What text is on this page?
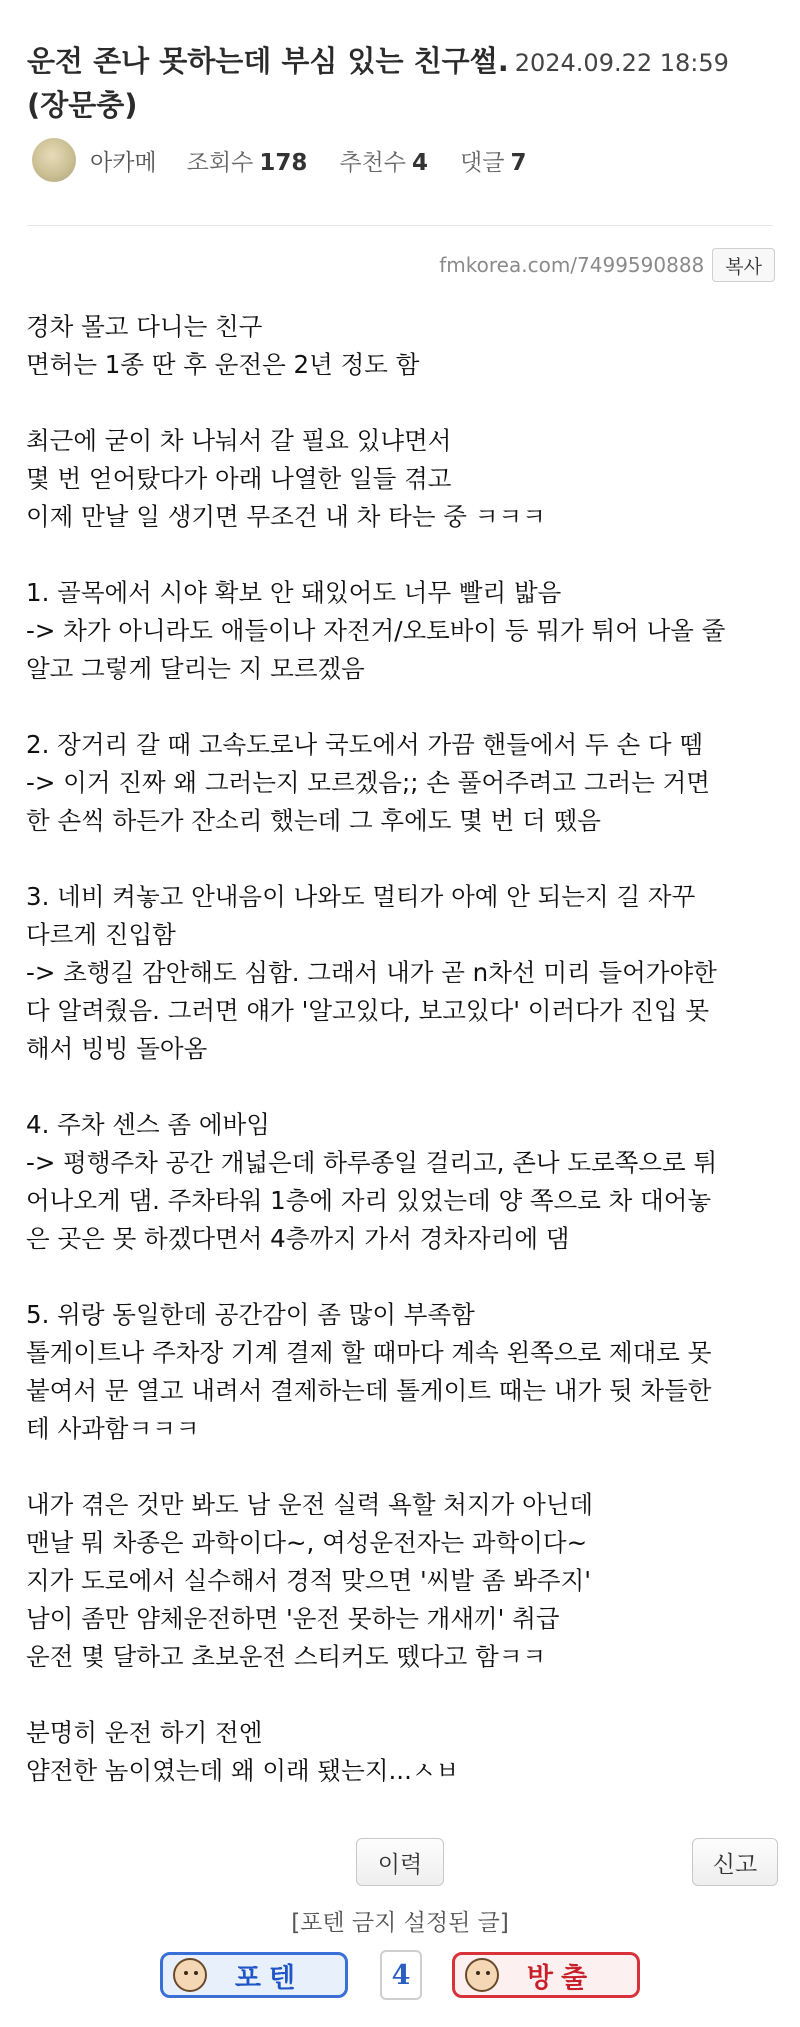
운전 존나 못하는데 부심 있는 친구썰. 2024.09.22 18:59
(장문충)
아카메 조회수 178 추천수 4 댓글 7
fmkorea.com/7499590888	복사
경차 몰고 다니는 친구
면허는 1종 딴 후 운전은 2년 정도 함

최근에 굳이 차 나눠서 갈 필요 있냐면서
몇 번 얻어탔다가 아래 나열한 일들 겪고
이제 만날 일 생기면 무조건 내 차 타는 중 ㅋㅋㅋ

1. 골목에서 시야 확보 안 돼있어도 너무 빨리 밟음
-> 차가 아니라도 애들이나 자전거/오토바이 등 뭐가 튀어 나올 줄
알고 그렇게 달리는 지 모르겠음

2. 장거리 갈 때 고속도로나 국도에서 가끔 핸들에서 두 손 다 뗌
-> 이거 진짜 왜 그러는지 모르겠음;; 손 풀어주려고 그러는 거면
한 손씩 하든가 잔소리 했는데 그 후에도 몇 번 더 뗐음

3. 네비 켜놓고 안내음이 나와도 멀티가 아예 안 되는지 길 자꾸
다르게 진입함
-> 초행길 감안해도 심함. 그래서 내가 곧 n차선 미리 들어가야한
다 알려줬음. 그러면 얘가 '알고있다, 보고있다' 이러다가 진입 못
해서 빙빙 돌아옴

4. 주차 센스 좀 에바임
-> 평행주차 공간 개넓은데 하루종일 걸리고, 존나 도로쪽으로 튀
어나오게 댐. 주차타워 1층에 자리 있었는데 양 쪽으로 차 대어놓
은 곳은 못 하겠다면서 4층까지 가서 경차자리에 댐

5. 위랑 동일한데 공간감이 좀 많이 부족함
톨게이트나 주차장 기계 결제 할 때마다 계속 왼쪽으로 제대로 못
붙여서 문 열고 내려서 결제하는데 톨게이트 때는 내가 뒷 차들한
테 사과함ㅋㅋㅋ

내가 겪은 것만 봐도 남 운전 실력 욕할 처지가 아닌데
맨날 뭐 차종은 과학이다~, 여성운전자는 과학이다~
지가 도로에서 실수해서 경적 맞으면 '씨발 좀 봐주지'
남이 좀만 얌체운전하면 '운전 못하는 개새끼' 취급
운전 몇 달하고 초보운전 스티커도 뗐다고 함ㅋㅋ

분명히 운전 하기 전엔
얌전한 놈이였는데 왜 이래 됐는지...ㅅㅂ
이력	신고
[포텐 금지 설정된 글]
포텐	4	방출
